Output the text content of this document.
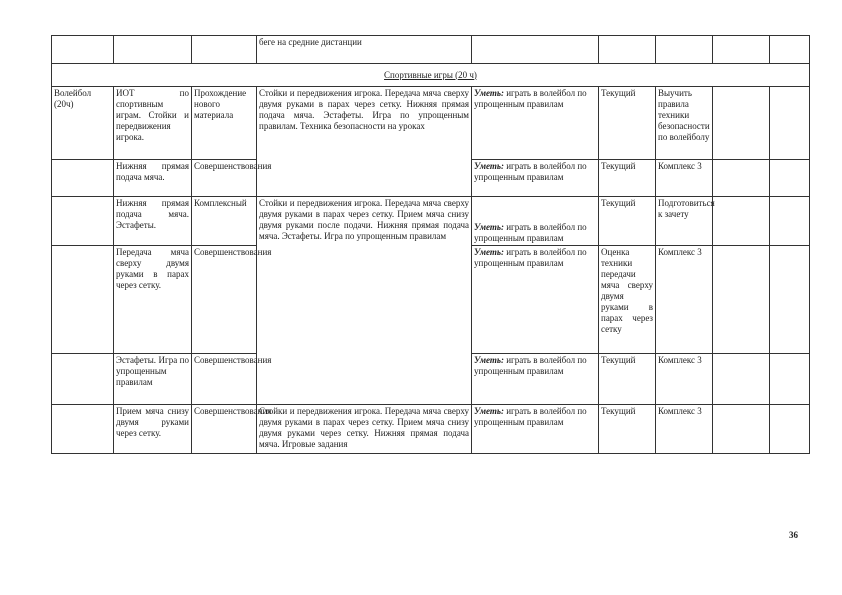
			беге на средние дистанции					
Спортивные игры (20 ч)								
Волейбол (20ч)	ИОТ по спортивным играм. Стойки и передвижения игрока.	Прохождение нового материала	Стойки и передвижения игрока. Передача мяча сверху двумя руками в парах через сетку. Нижняя прямая подача мяча. Эстафеты. Игра по упрощенным правилам. Техника безопасности на уроках	Уметь: играть в волейбол по упрощенным правилам	Текущий	Выучить правила техники безопасности по волейболу		
	Нижняя прямая подача мяча.	Совершенствования		Уметь: играть в волейбол по упрощенным правилам	Текущий	Комплекс 3		
	Нижняя прямая подача мяча. Эстафеты.	Комплексный	Стойки и передвижения игрока. Передача мяча сверху двумя руками в парах через сетку. Прием мяча снизу двумя руками после подачи. Нижняя прямая подача мяча. Эстафеты. Игра по упрощенным правилам	Уметь: играть в волейбол по упрощенным правилам	Текущий	Подготовиться к зачету		
	Передача мяча сверху двумя руками в парах через сетку.	Совершенствования		Уметь: играть в волейбол по упрощенным правилам	Оценка техники передачи мяча сверху двумя руками в парах через сетку	Комплекс 3		
	Эстафеты. Игра по упрощенным правилам	Совершенствования		Уметь: играть в волейбол по упрощенным правилам	Текущий	Комплекс 3		
	Прием мяча снизу двумя руками через сетку.	Совершенствования	Стойки и передвижения игрока. Передача мяча сверху двумя руками в парах через сетку. Прием мяча снизу двумя руками через сетку. Нижняя прямая подача мяча. Игровые задания	Уметь: играть в волейбол по упрощенным правилам	Текущий	Комплекс 3		
36
